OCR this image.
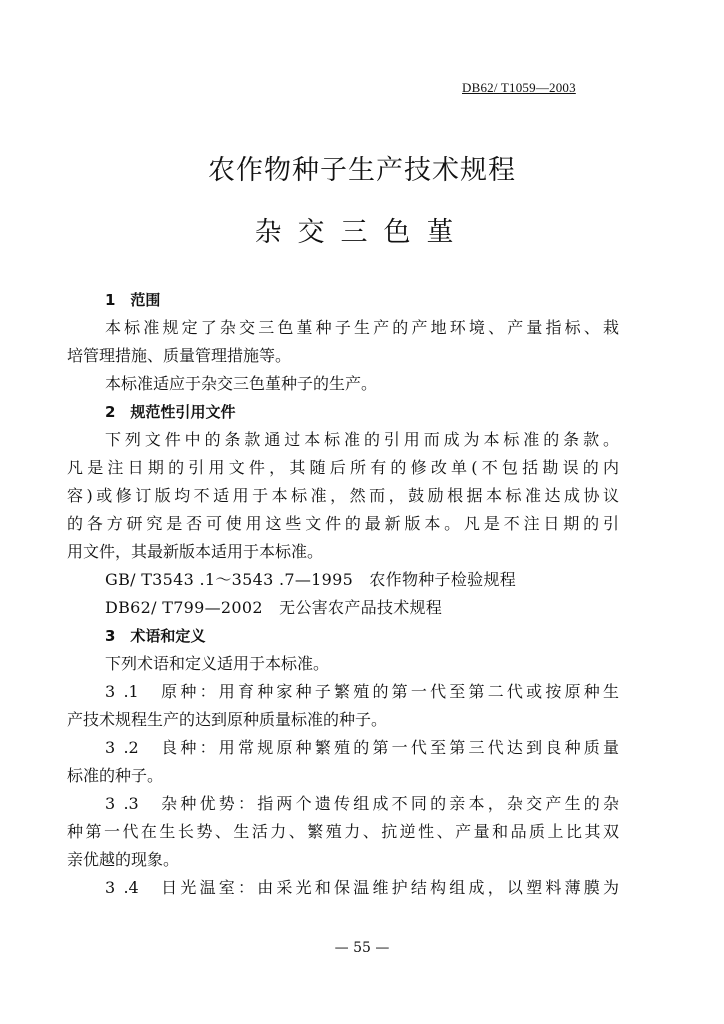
DB62/ T1059—2003
农作物种子生产技术规程
杂交三色堇
1　范围
本标准规定了杂交三色堇种子生产的产地环境、产量指标、栽
培管理措施、质量管理措施等。
本标准适应于杂交三色堇种子的生产。
2　规范性引用文件
下列文件中的条款通过本标准的引用而成为本标准的条款。
凡是注日期的引用文件，其随后所有的修改单(不包括勘误的内
容)或修订版均不适用于本标准，然而，鼓励根据本标准达成协议
的各方研究是否可使用这些文件的最新版本。凡是不注日期的引
用文件，其最新版本适用于本标准。
GB/ T3543 .1～3543 .7—1995　农作物种子检验规程
DB62/ T799—2002　无公害农产品技术规程
3　术语和定义
下列术语和定义适用于本标准。
3 .1　原种：用育种家种子繁殖的第一代至第二代或按原种生
产技术规程生产的达到原种质量标准的种子。
3 .2　良种：用常规原种繁殖的第一代至第三代达到良种质量
标准的种子。
3 .3　杂种优势：指两个遗传组成不同的亲本，杂交产生的杂
种第一代在生长势、生活力、繁殖力、抗逆性、产量和品质上比其双
亲优越的现象。
3 .4　日光温室：由采光和保温维护结构组成，以塑料薄膜为
— 55 —
